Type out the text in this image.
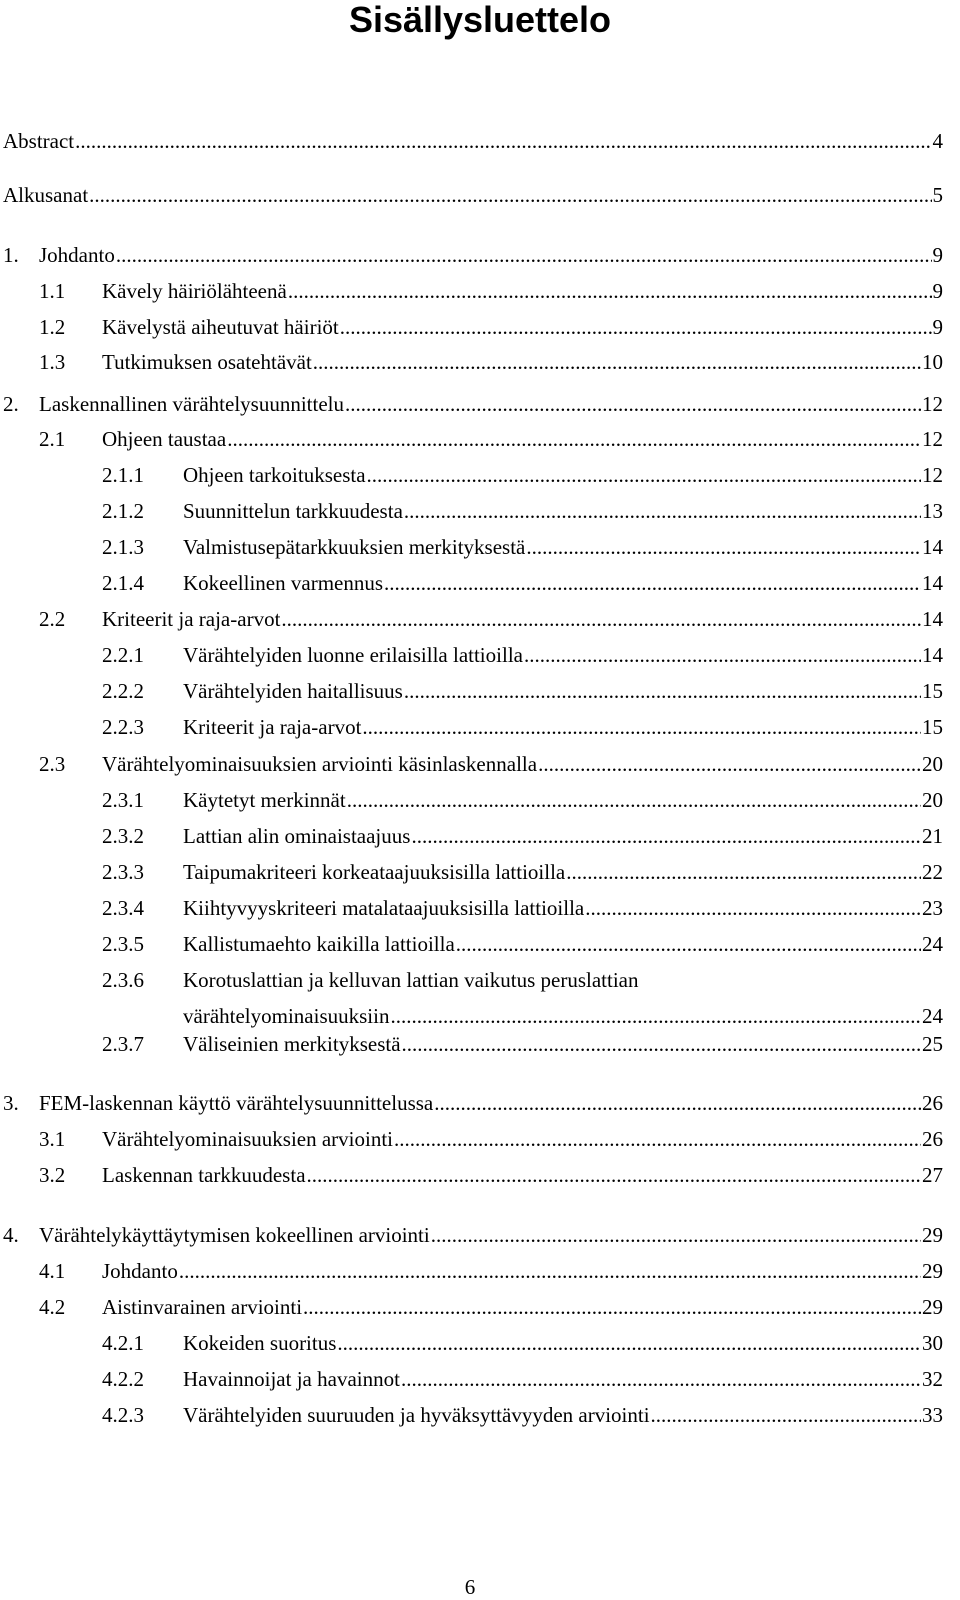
Sisällysluettelo
Abstract .....	4
Alkusanat .....	5
1. Johdanto .....	9
1.1	Kävely häiriölähteenä .....	9
1.2	Kävelystä aiheutuvat häiriöt .....	9
1.3	Tutkimuksen osatehtävät .....	10
2. Laskennallinen värähtelysuunnittelu .....	12
2.1	Ohjeen taustaa .....	12
2.1.1	Ohjeen tarkoituksesta .....	12
2.1.2	Suunnittelun tarkkuudesta .....	13
2.1.3	Valmistusepätarkkuuksien merkityksestä .....	14
2.1.4	Kokeellinen varmennus .....	14
2.2	Kriteerit ja raja-arvot .....	14
2.2.1	Värähtelyiden luonne erilaisilla lattioilla .....	14
2.2.2	Värähtelyiden haitallisuus .....	15
2.2.3	Kriteerit ja raja-arvot .....	15
2.3	Värähtelyominaisuuksien arviointi käsinlaskennalla .....	20
2.3.1	Käytetyt merkinnät .....	20
2.3.2	Lattian alin ominaistaajuus .....	21
2.3.3	Taipumakriteeri korkeataajuuksisilla lattioilla .....	22
2.3.4	Kiihtyvyyskriteeri matalataajuuksisilla lattioilla .....	23
2.3.5	Kallistumaehto kaikilla lattioilla .....	24
2.3.6	Korotuslattian ja kelluvan lattian vaikutus peruslattian
värähtelyominaisuuksiin .....	24
2.3.7	Väliseinien merkityksestä .....	25
3. FEM-laskennan käyttö värähtelysuunnittelussa .....	26
3.1	Värähtelyominaisuuksien arviointi .....	26
3.2	Laskennan tarkkuudesta .....	27
4. Värähtelykäyttäytymisen kokeellinen arviointi .....	29
4.1	Johdanto .....	29
4.2	Aistinvarainen arviointi .....	29
4.2.1	Kokeiden suoritus .....	30
4.2.2	Havainnoijat ja havainnot .....	32
4.2.3	Värähtelyiden suuruuden ja hyväksyttävyyden arviointi .....	33
6
